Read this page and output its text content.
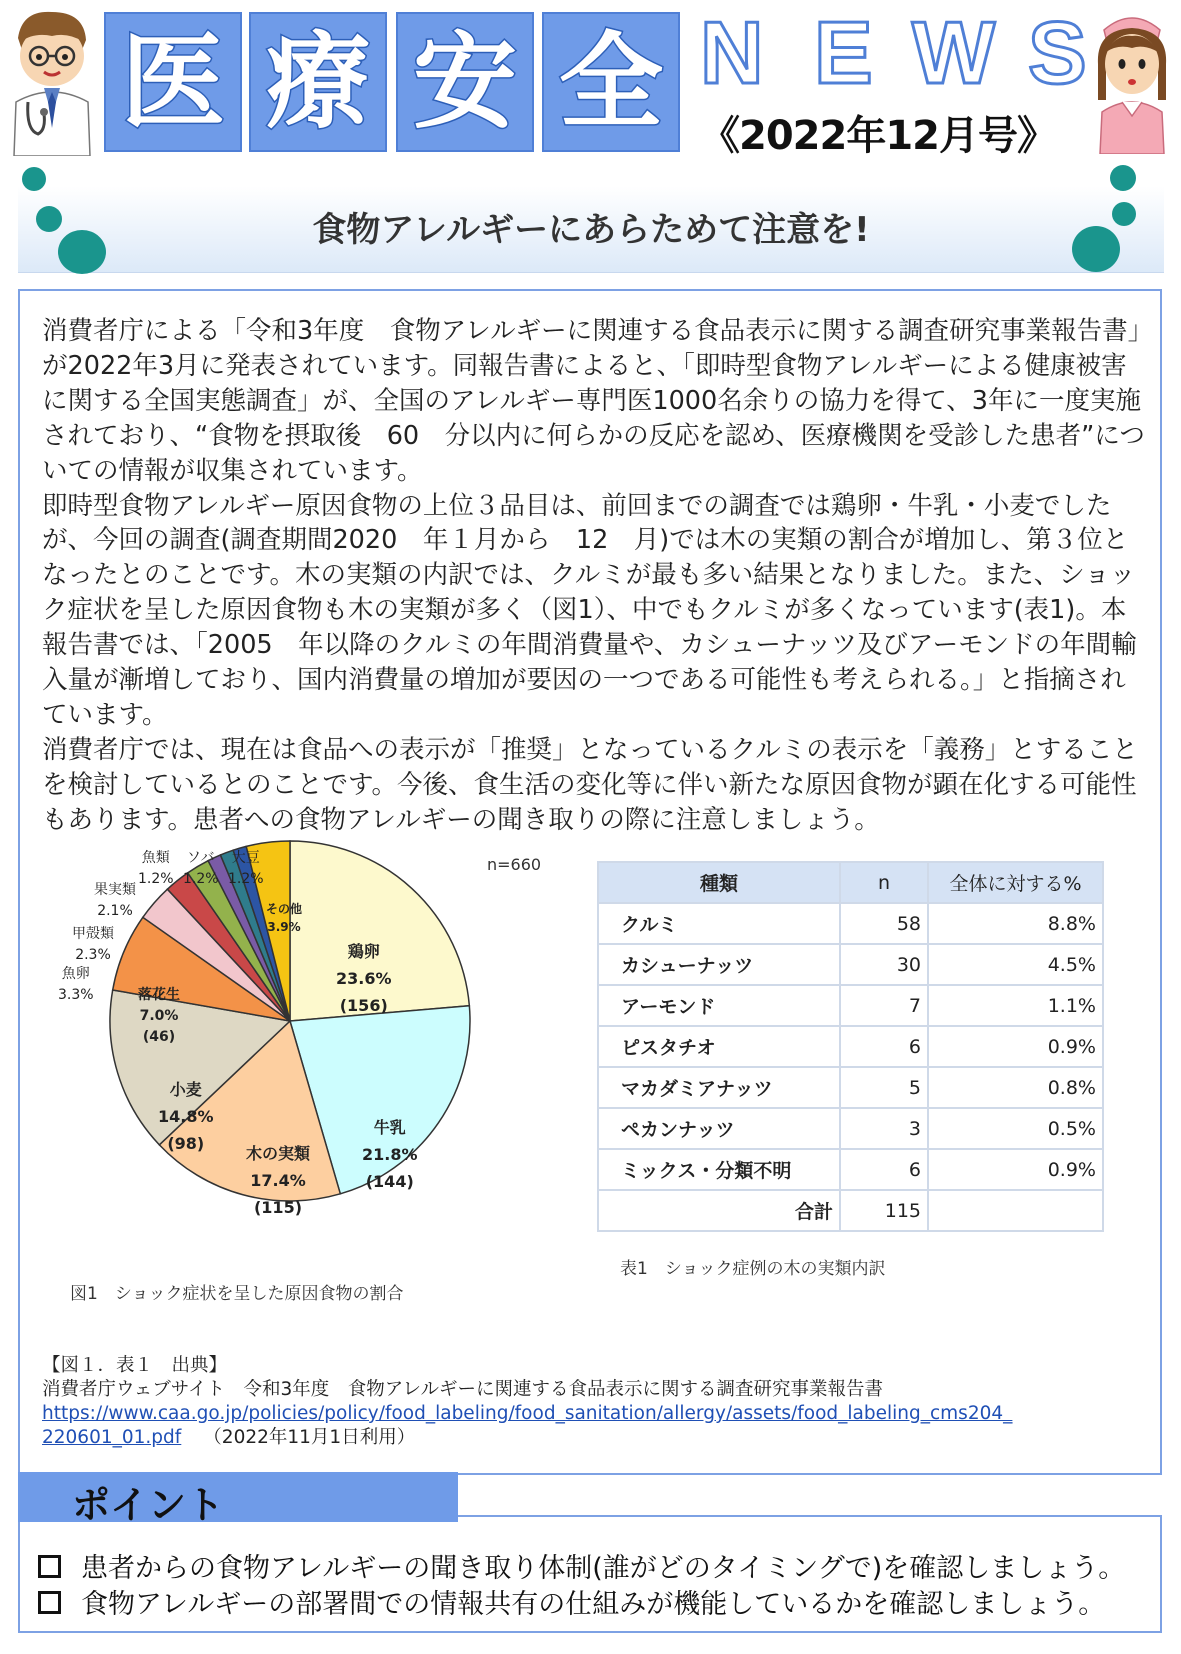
医 療 安 全 N E W S
《2022年12月号》
食物アレルギーにあらためて注意を!

消費者庁による「令和3年度　食物アレルギーに関連する食品表示に関する調査研究事業報告書」が2022年3月に発表されています。同報告書によると、「即時型食物アレルギーによる健康被害に関する全国実態調査」が、全国のアレルギー専門医1000名余りの協力を得て、3年に一度実施されており、“食物を摂取後　60　分以内に何らかの反応を認め、医療機関を受診した患者”についての情報が収集されています。

即時型食物アレルギー原因食物の上位３品目は、前回までの調査では鶏卵・牛乳・小麦でしたが、今回の調査(調査期間2020　年１月から　12　月)では木の実類の割合が増加し、第３位となったとのことです。木の実類の内訳では、クルミが最も多い結果となりました。また、ショック症状を呈した原因食物も木の実類が多く（図1）、中でもクルミが多くなっています(表1)。本報告書では、「2005　年以降のクルミの年間消費量や、カシューナッツ及びアーモンドの年間輸入量が漸増しており、国内消費量の増加が要因の一つである可能性も考えられる。」と指摘されています。

消費者庁では、現在は食品への表示が「推奨」となっているクルミの表示を「義務」とすることを検討しているとのことです。今後、食生活の変化等に伴い新たな原因食物が顕在化する可能性もあります。患者への食物アレルギーの聞き取りの際に注意しましょう。

n=660
鶏卵
23.6%
(156)
牛乳
21.8%
(144)
木の実類
17.4%
(115)
小麦
14.8%
(98)
落花生
7.0%
(46)
魚卵
3.3%
甲殻類
2.3%
果実類
2.1%
魚類
1.2%
ソバ
1.2%
大豆
1.2%
その他
3.9%
図1　ショック症状を呈した原因食物の割合
種類	n	全体に対する%
クルミ	58	8.8%
カシューナッツ	30	4.5%
アーモンド	7	1.1%
ピスタチオ	6	0.9%
マカダミアナッツ	5	0.8%
ペカンナッツ	3	0.5%
ミックス・分類不明	6	0.9%
合計	115	
表1　ショック症例の木の実類内訳
【図１．表１　出典】
消費者庁ウェブサイト　令和3年度　食物アレルギーに関連する食品表示に関する調査研究事業報告書
https://www.caa.go.jp/policies/policy/food_labeling/food_sanitation/allergy/assets/food_labeling_cms204_
220601_01.pdf （2022年11月1日利用）
ポイント
患者からの食物アレルギーの聞き取り体制(誰がどのタイミングで)を確認しましょう。
食物アレルギーの部署間での情報共有の仕組みが機能しているかを確認しましょう。
